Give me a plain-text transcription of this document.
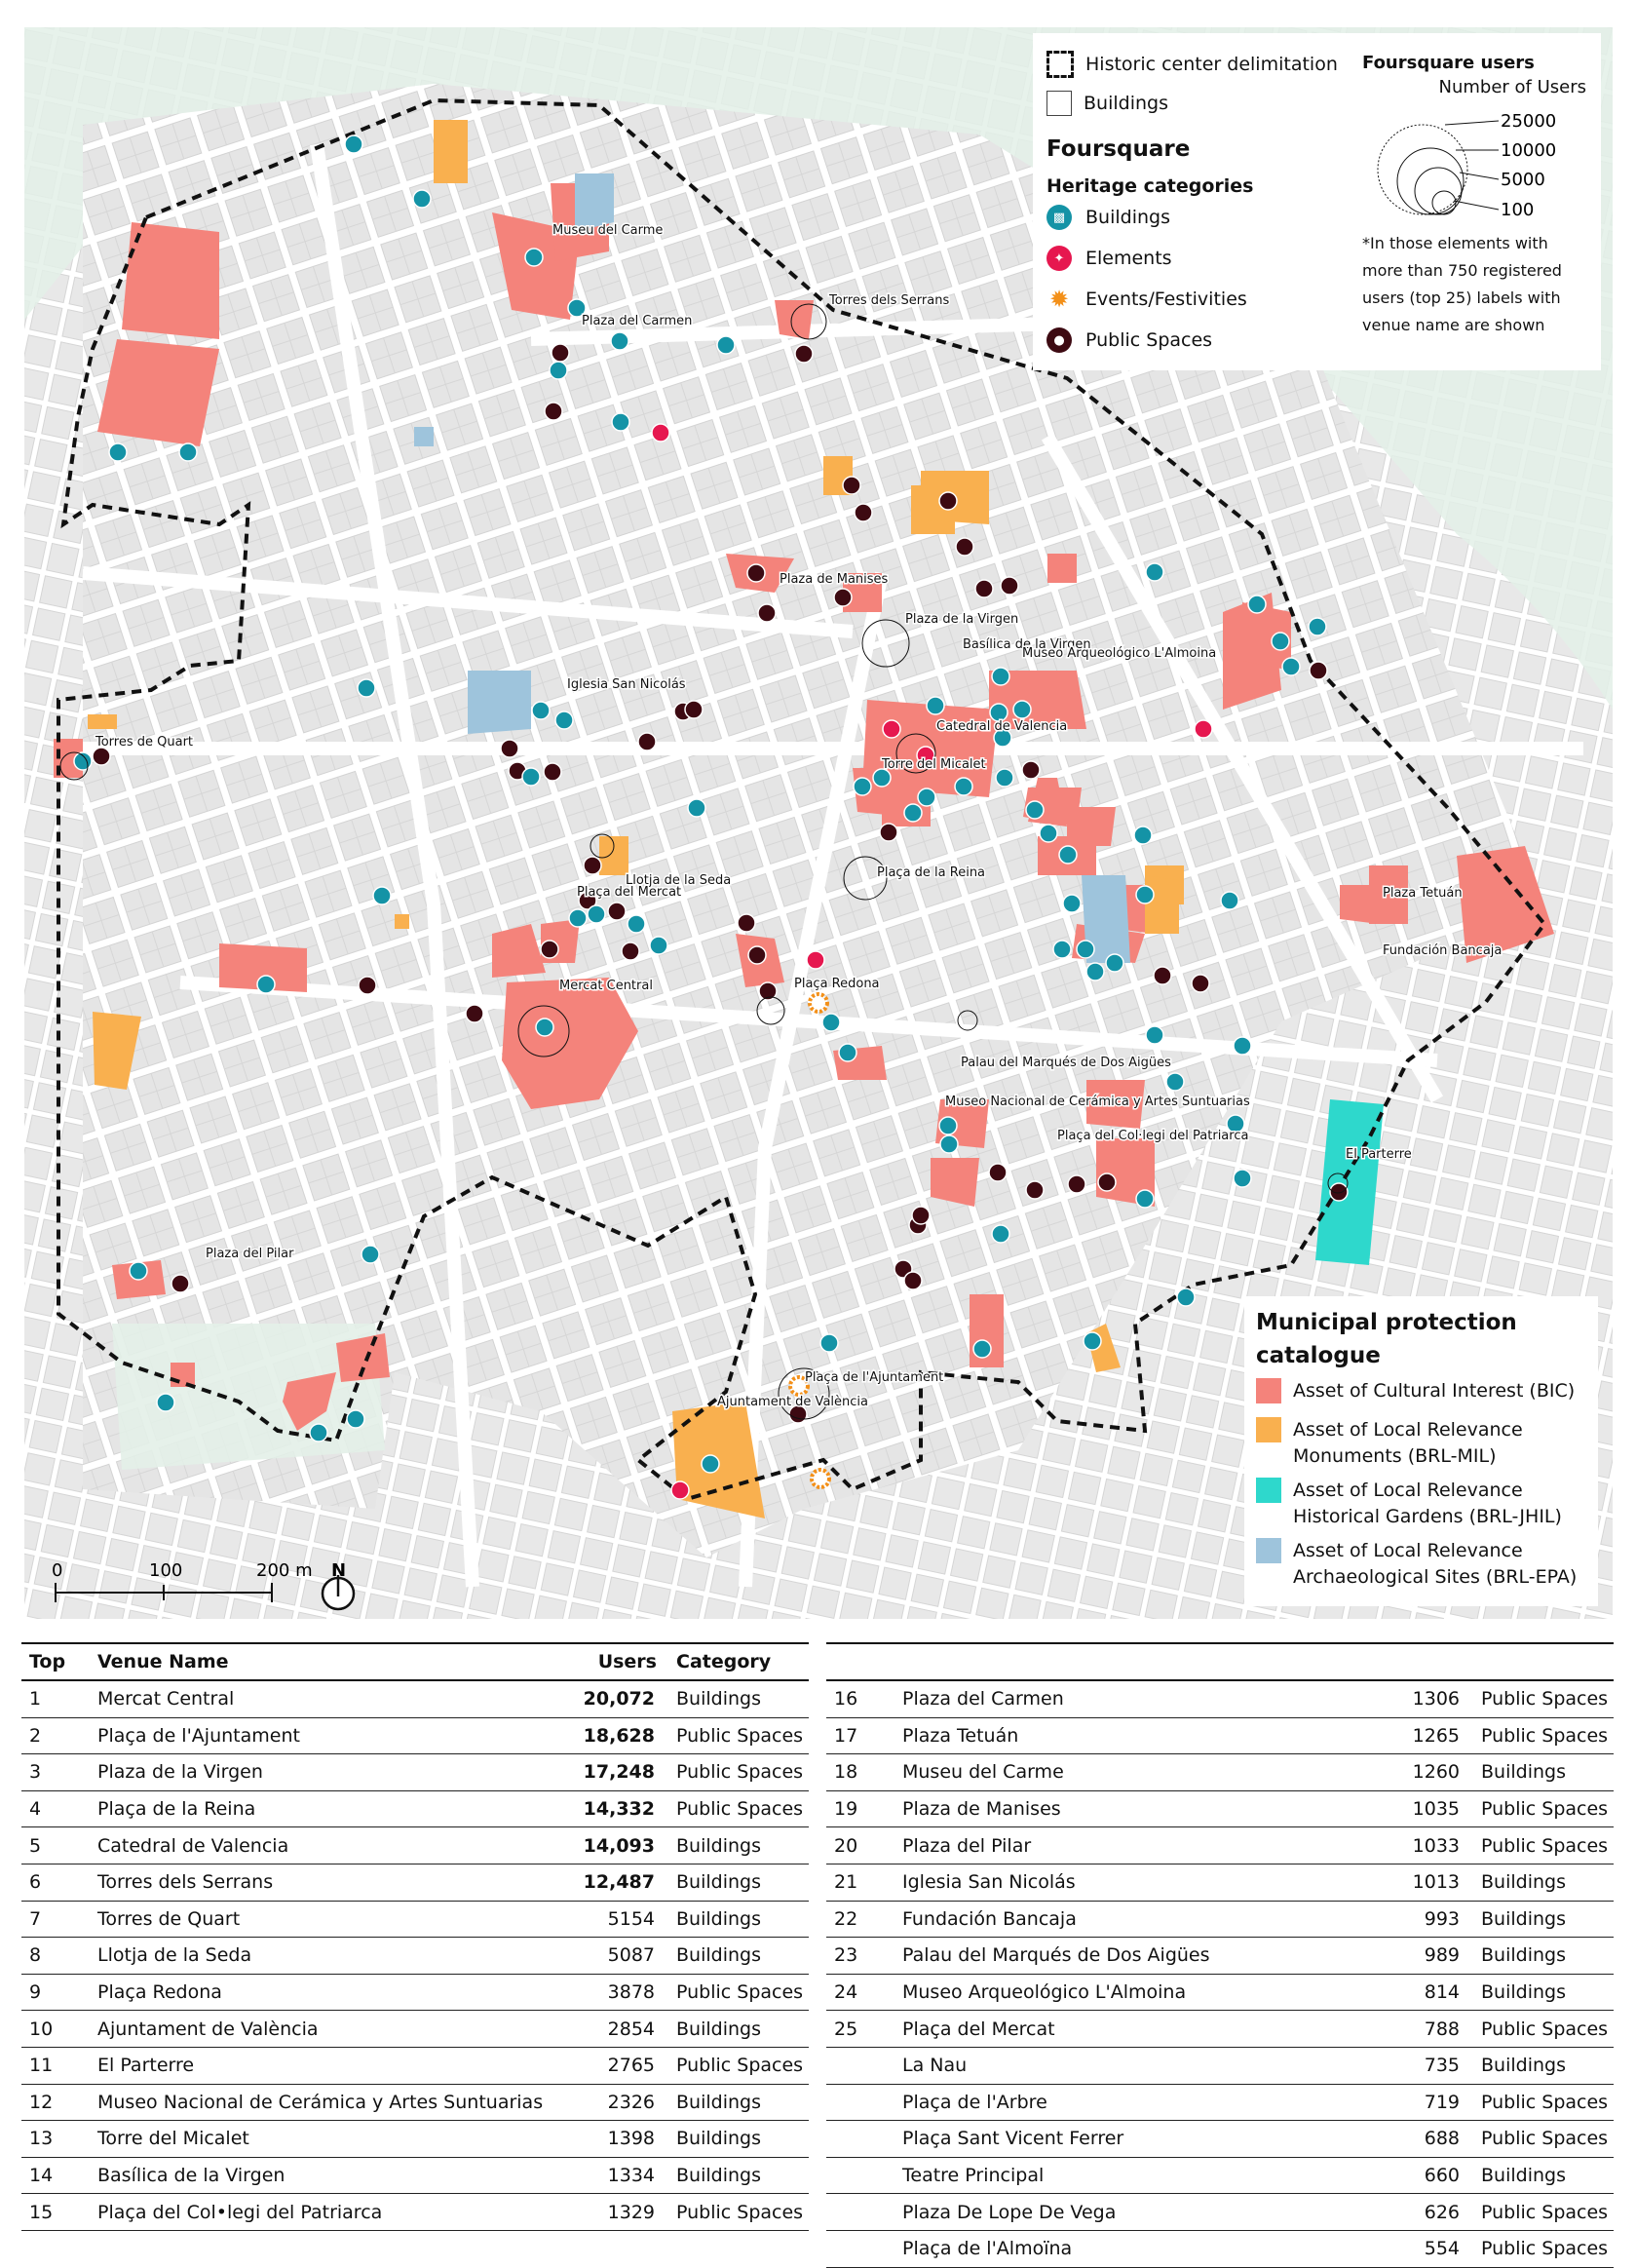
Museu del Carme
Torres dels Serrans
Plaza del Carmen
Plaza de Manises
Plaza de la Virgen
Basílica de la Virgen
Museo Arqueológico L'Almoina
Iglesia San Nicolás
Catedral de Valencia
Torres de Quart
Torre del Micalet
Plaça de la Reina
Llotja de la Seda
Plaça del Mercat	Plaza Tetuán
Fundación Bancaja
Plaça Redona
Mercat Central
Palau del Marqués de Dos Aigües
Museo Nacional de Cerámica y Artes Suntuarias
Plaça del Col·legi del Patriarca
El Parterre
Plaza del Pilar
Plaça de l'Ajuntament
Ajuntament de València
0	100	200 m N
Historic center delimitation
Buildings
Foursquare
Heritage categories
▩	Buildings
✦	Elements
✹ Events/Festivities
●	Public Spaces
Foursquare users
Number of Users
25000
10000
5000
100
*In those elements with
more than 750 registered
users (top 25) labels with
venue name are shown
Municipal protection
catalogue
Asset of Cultural Interest (BIC)
Asset of Local Relevance
Monuments (BRL-MIL)
Asset of Local Relevance
Historical Gardens (BRL-JHIL)
Asset of Local Relevance
Archaeological Sites (BRL-EPA)
Top	Venue Name	Users	Category
1	Mercat Central	20,072	Buildings
2	Plaça de l'Ajuntament	18,628	Public Spaces
3	Plaza de la Virgen	17,248	Public Spaces
4	Plaça de la Reina	14,332	Public Spaces
5	Catedral de Valencia	14,093	Buildings
6	Torres dels Serrans	12,487	Buildings
7	Torres de Quart	5154	Buildings
8	Llotja de la Seda	5087	Buildings
9	Plaça Redona	3878	Public Spaces
10	Ajuntament de València	2854	Buildings
11	El Parterre	2765	Public Spaces
12	Museo Nacional de Cerámica y Artes Suntuarias	2326	Buildings
13	Torre del Micalet	1398	Buildings
14	Basílica de la Virgen	1334	Buildings
15	Plaça del Col•legi del Patriarca	1329	Public Spaces

16	Plaza del Carmen	1306	Public Spaces
17	Plaza Tetuán	1265	Public Spaces
18	Museu del Carme	1260	Buildings
19	Plaza de Manises	1035	Public Spaces
20	Plaza del Pilar	1033	Public Spaces
21	Iglesia San Nicolás	1013	Buildings
22	Fundación Bancaja	993	Buildings
23	Palau del Marqués de Dos Aigües	989	Buildings
24	Museo Arqueológico L'Almoina	814	Buildings
25	Plaça del Mercat	788	Public Spaces
	La Nau	735	Buildings
	Plaça de l'Arbre	719	Public Spaces
	Plaça Sant Vicent Ferrer	688	Public Spaces
	Teatre Principal	660	Buildings
	Plaza De Lope De Vega	626	Public Spaces
	Plaça de l'Almoïna	554	Public Spaces
